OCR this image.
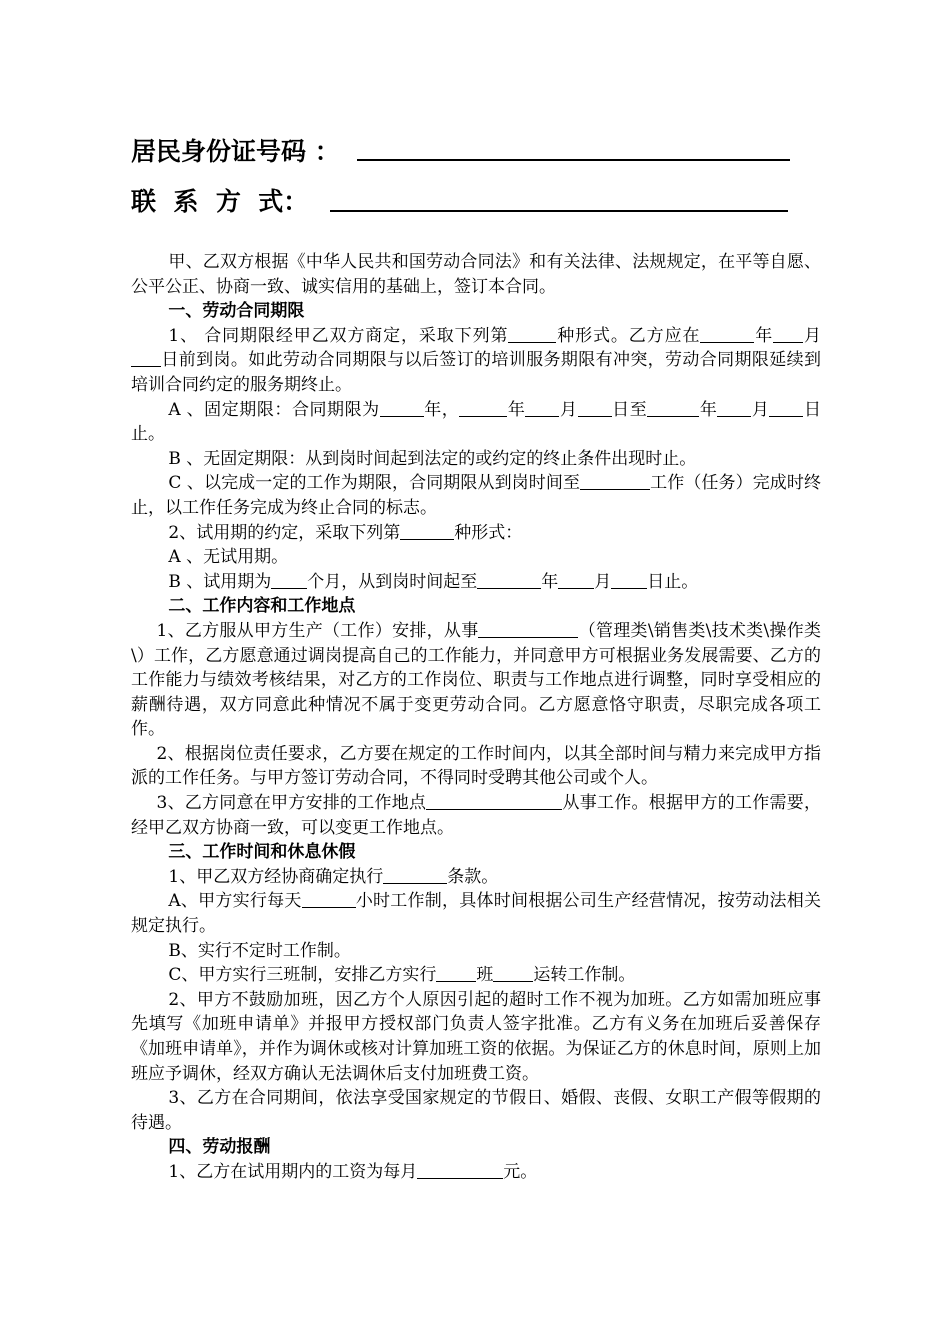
居民身份证号码 ：
联  系  方  式：

甲、乙双方根据《中华人民共和国劳动合同法》和有关法律、法规规定，在平等自愿、公平公正、协商一致、诚实信用的基础上，签订本合同。

一、劳动合同期限

1、 合同期限经甲乙双方商定，采取下列第	种形式。乙方应在	年 月日前到岗。如此劳动合同期限与以后签订的培训服务期限有冲突，劳动合同期限延续到培训合同约定的服务期终止。

A 、固定期限：合同期限为	年，	年 月 日至	年 月 日止。

B 、无固定期限：从到岗时间起到法定的或约定的终止条件出现时止。

C 、以完成一定的工作为期限，合同期限从到岗时间至	工作（任务）完成时终止，以工作任务完成为终止合同的标志。

2、试用期的约定，采取下列第	种形式：

A 、无试用期。

B 、试用期为 个月，从到岗时间起至	年 月 日止。

二、工作内容和工作地点

1、乙方服从甲方生产（工作）安排，从事	（管理类\销售类\技术类\操作类\）工作，乙方愿意通过调岗提高自己的工作能力，并同意甲方可根据业务发展需要、乙方的工作能力与绩效考核结果，对乙方的工作岗位、职责与工作地点进行调整，同时享受相应的薪酬待遇，双方同意此种情况不属于变更劳动合同。乙方愿意恪守职责，尽职完成各项工作。

2、根据岗位责任要求，乙方要在规定的工作时间内，以其全部时间与精力来完成甲方指派的工作任务。与甲方签订劳动合同，不得同时受聘其他公司或个人。

3、乙方同意在甲方安排的工作地点	从事工作。根据甲方的工作需要，经甲乙双方协商一致，可以变更工作地点。

三、工作时间和休息休假

1、甲乙双方经协商确定执行	条款。

A、甲方实行每天	小时工作制，具体时间根据公司生产经营情况，按劳动法相关规定执行。

B、实行不定时工作制。

C、甲方实行三班制，安排乙方实行 班 运转工作制。

2、甲方不鼓励加班，因乙方个人原因引起的超时工作不视为加班。乙方如需加班应事先填写《加班申请单》并报甲方授权部门负责人签字批准。乙方有义务在加班后妥善保存《加班申请单》，并作为调休或核对计算加班工资的依据。为保证乙方的休息时间，原则上加班应予调休，经双方确认无法调休后支付加班费工资。

3、乙方在合同期间，依法享受国家规定的节假日、婚假、丧假、女职工产假等假期的待遇。

四、劳动报酬

1、乙方在试用期内的工资为每月	元。
